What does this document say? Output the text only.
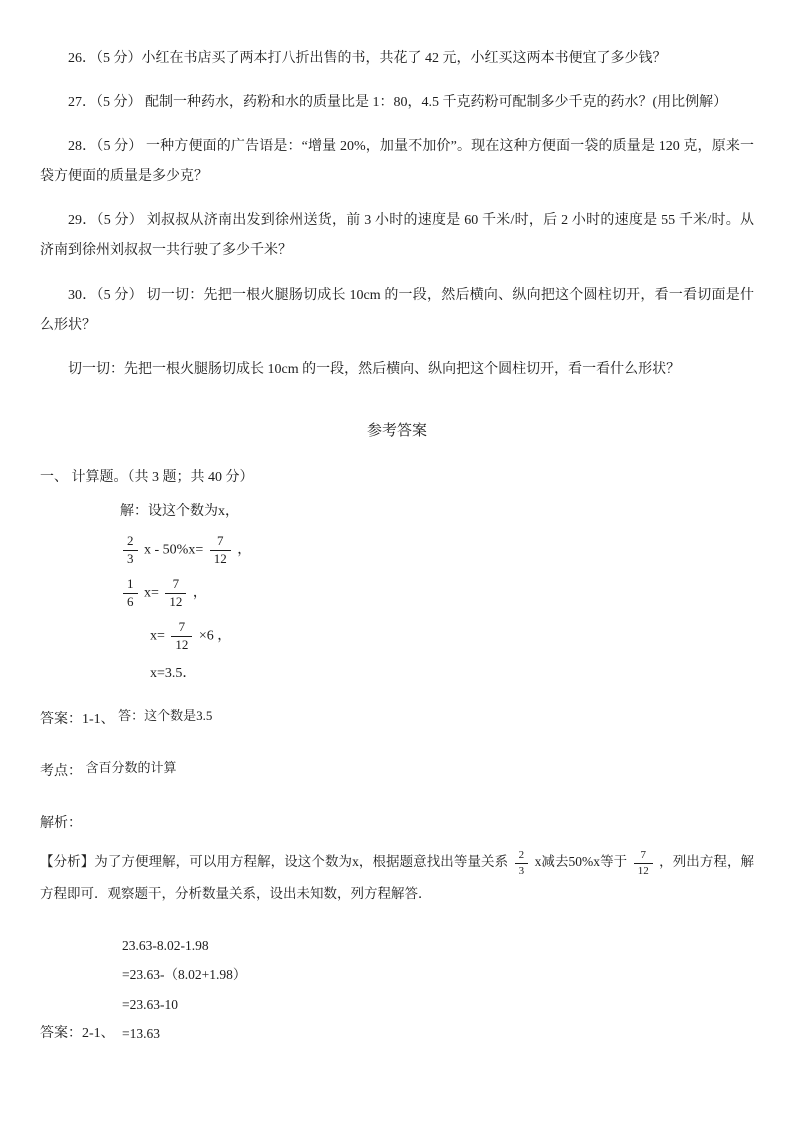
26．（5 分）小红在书店买了两本打八折出售的书，共花了 42 元，小红买这两本书便宜了多少钱？

27．（5 分） 配制一种药水，药粉和水的质量比是 1：80，4.5 千克药粉可配制多少千克的药水？(用比例解）

28．（5 分） 一种方便面的广告语是：“增量 20%，加量不加价”。现在这种方便面一袋的质量是 120 克，原来一袋方便面的质量是多少克？

29．（5 分） 刘叔叔从济南出发到徐州送货，前 3 小时的速度是 60 千米/时，后 2 小时的速度是 55 千米/时。从济南到徐州刘叔叔一共行驶了多少千米？

30．（5 分） 切一切：先把一根火腿肠切成长 10cm 的一段，然后横向、纵向把这个圆柱切开，看一看切面是什么形状？

切一切：先把一根火腿肠切成长 10cm 的一段，然后横向、纵向把这个圆柱切开，看一看什么形状？

参考答案

一、 计算题。（共 3 题；共 40 分）

解：设这个数为x，

$\frac{2}{3}$ $x - 50\%x= \frac{7}{12}$ ，

$\frac{1}{6} x= \frac{7}{12}$ ，

$x= \frac{7}{12} \times 6$ ，

x=3.5．

答案：1-1、 答：这个数是3.5

考点： 含百分数的计算

解析：

【分析】为了方便理解，可以用方程解，设这个数为x，根据题意找出等量关系 $\frac{2}{3}$ x减去50%x等于 $\frac{7}{12}$ ，列出方程，解方程即可．观察题干，分析数量关系，设出未知数，列方程解答．

23.63-8.02-1.98

=23.63-（8.02+1.98）

=23.63-10

答案：2-1、 =13.63
